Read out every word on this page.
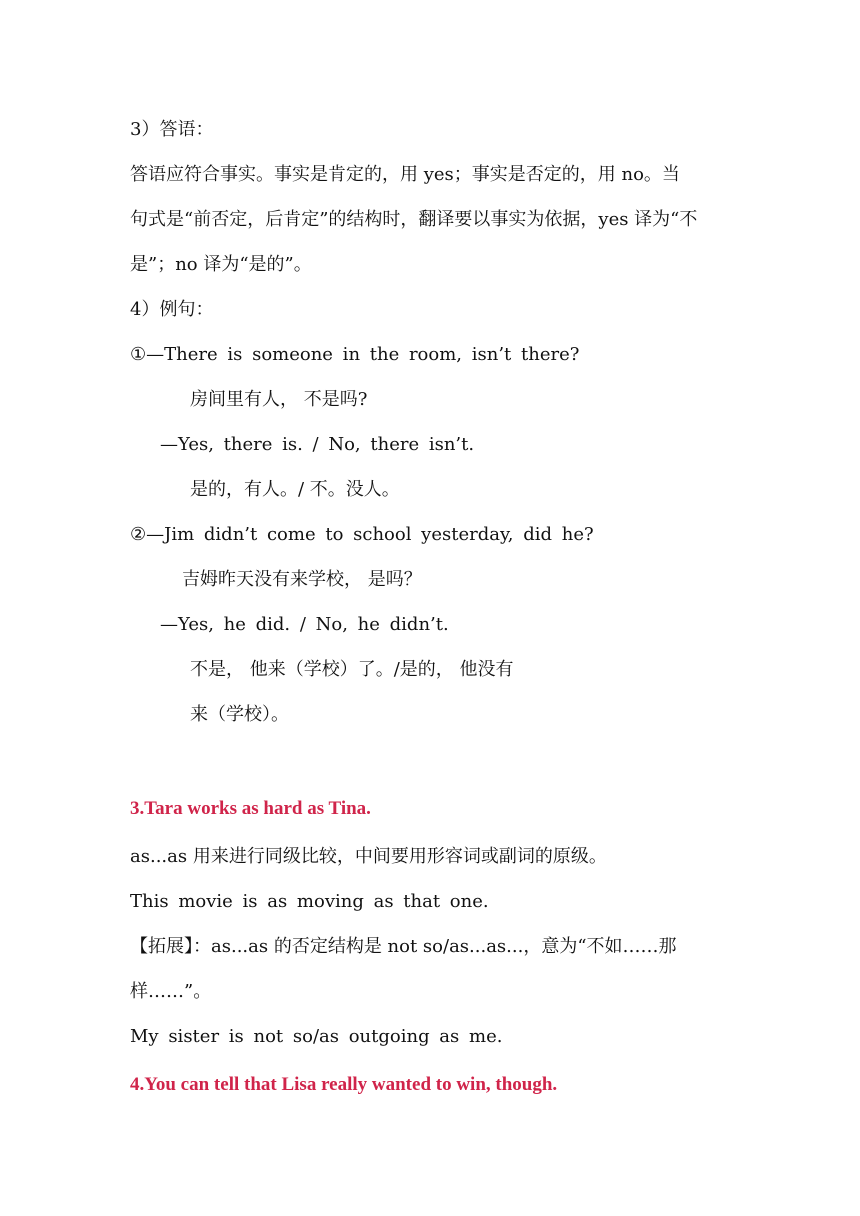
3）答语：
答语应符合事实。事实是肯定的，用 yes；事实是否定的，用 no。当
句式是“前否定，后肯定”的结构时，翻译要以事实为依据，yes 译为“不
是”；no 译为“是的”。
4）例句：
①—There is someone in the room, isn’t there?
房间里有人， 不是吗?
—Yes, there is. / No, there isn’t.
是的，有人。/ 不。没人。
②—Jim didn’t come to school yesterday, did he?
吉姆昨天没有来学校， 是吗？
—Yes, he did. / No, he didn’t.
不是， 他来（学校）了。/是的， 他没有
来（学校）。
3.Tara works as hard as Tina.
as...as 用来进行同级比较，中间要用形容词或副词的原级。
This movie is as moving as that one.
【拓展】：as...as 的否定结构是 not so/as...as...，意为“不如……那
样……”。
My sister is not so/as outgoing as me.
4.You can tell that Lisa really wanted to win, though.
